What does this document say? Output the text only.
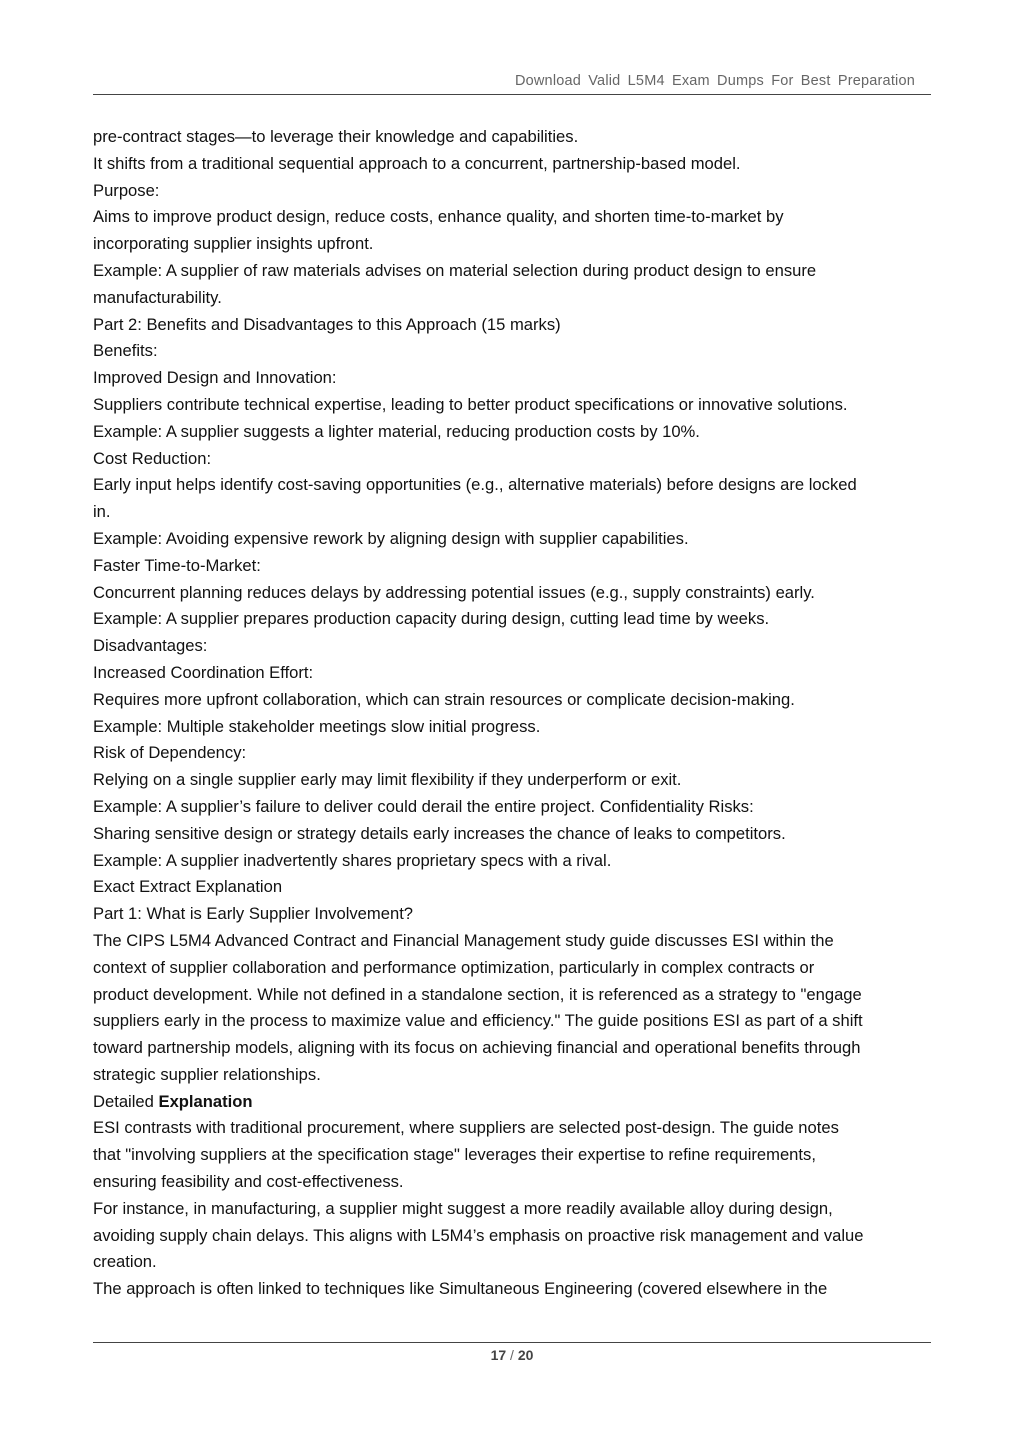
Download Valid L5M4 Exam Dumps For Best Preparation
pre-contract stages—to leverage their knowledge and capabilities.
It shifts from a traditional sequential approach to a concurrent, partnership-based model.
Purpose:
Aims to improve product design, reduce costs, enhance quality, and shorten time-to-market by
incorporating supplier insights upfront.
Example: A supplier of raw materials advises on material selection during product design to ensure
manufacturability.
Part 2: Benefits and Disadvantages to this Approach (15 marks)
Benefits:
Improved Design and Innovation:
Suppliers contribute technical expertise, leading to better product specifications or innovative solutions.
Example: A supplier suggests a lighter material, reducing production costs by 10%.
Cost Reduction:
Early input helps identify cost-saving opportunities (e.g., alternative materials) before designs are locked
in.
Example: Avoiding expensive rework by aligning design with supplier capabilities.
Faster Time-to-Market:
Concurrent planning reduces delays by addressing potential issues (e.g., supply constraints) early.
Example: A supplier prepares production capacity during design, cutting lead time by weeks.
Disadvantages:
Increased Coordination Effort:
Requires more upfront collaboration, which can strain resources or complicate decision-making.
Example: Multiple stakeholder meetings slow initial progress.
Risk of Dependency:
Relying on a single supplier early may limit flexibility if they underperform or exit.
Example: A supplier’s failure to deliver could derail the entire project. Confidentiality Risks:
Sharing sensitive design or strategy details early increases the chance of leaks to competitors.
Example: A supplier inadvertently shares proprietary specs with a rival.
Exact Extract Explanation
Part 1: What is Early Supplier Involvement?
The CIPS L5M4 Advanced Contract and Financial Management study guide discusses ESI within the
context of supplier collaboration and performance optimization, particularly in complex contracts or
product development. While not defined in a standalone section, it is referenced as a strategy to "engage
suppliers early in the process to maximize value and efficiency." The guide positions ESI as part of a shift
toward partnership models, aligning with its focus on achieving financial and operational benefits through
strategic supplier relationships.
Detailed Explanation
ESI contrasts with traditional procurement, where suppliers are selected post-design. The guide notes
that "involving suppliers at the specification stage" leverages their expertise to refine requirements,
ensuring feasibility and cost-effectiveness.
For instance, in manufacturing, a supplier might suggest a more readily available alloy during design,
avoiding supply chain delays. This aligns with L5M4’s emphasis on proactive risk management and value
creation.
The approach is often linked to techniques like Simultaneous Engineering (covered elsewhere in the
17 / 20
